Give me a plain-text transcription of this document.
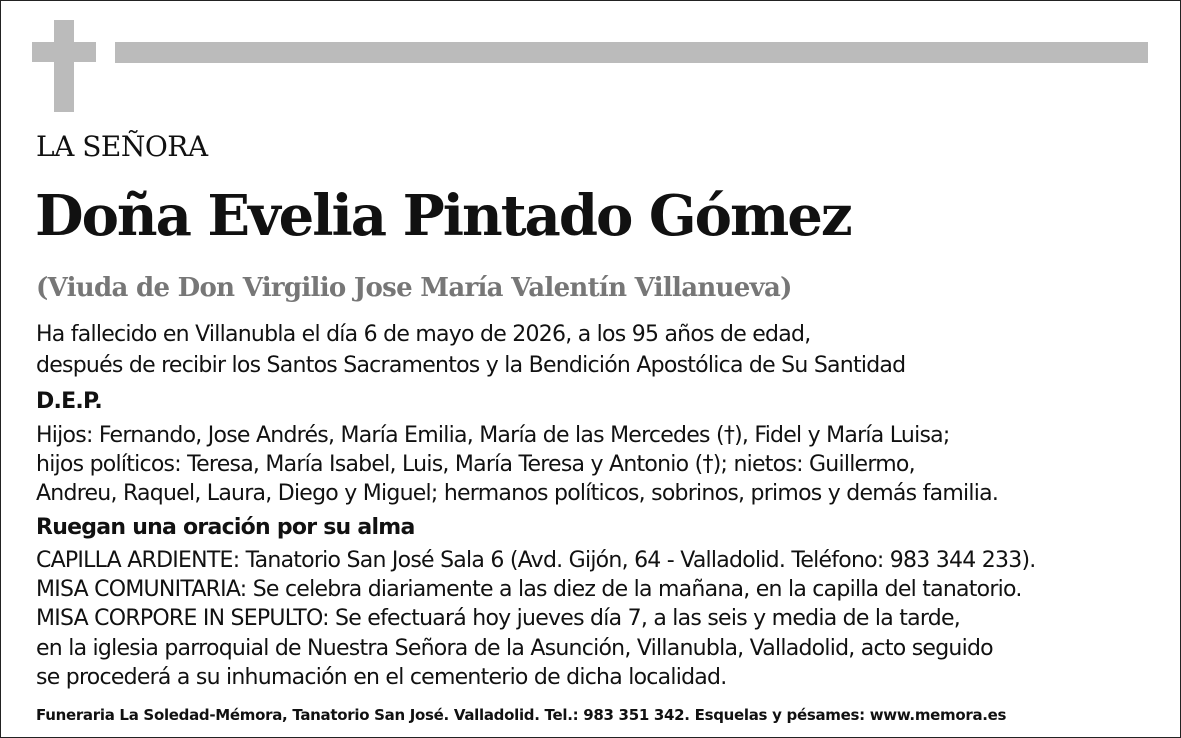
LA SEÑORA
Doña Evelia Pintado Gómez
(Viuda de Don Virgilio Jose María Valentín Villanueva)
Ha fallecido en Villanubla el día 6 de mayo de 2026, a los 95 años de edad,
después de recibir los Santos Sacramentos y la Bendición Apostólica de Su Santidad
D.E.P.
Hijos: Fernando, Jose Andrés, María Emilia, María de las Mercedes (†), Fidel y María Luisa;
hijos políticos: Teresa, María Isabel, Luis, María Teresa y Antonio (†); nietos: Guillermo,
Andreu, Raquel, Laura, Diego y Miguel; hermanos políticos, sobrinos, primos y demás familia.
Ruegan una oración por su alma
CAPILLA ARDIENTE: Tanatorio San José Sala 6 (Avd. Gijón, 64 - Valladolid. Teléfono: 983 344 233).
MISA COMUNITARIA: Se celebra diariamente a las diez de la mañana, en la capilla del tanatorio.
MISA CORPORE IN SEPULTO: Se efectuará hoy jueves día 7, a las seis y media de la tarde,
en la iglesia parroquial de Nuestra Señora de la Asunción, Villanubla, Valladolid, acto seguido
se procederá a su inhumación en el cementerio de dicha localidad.
Funeraria La Soledad-Mémora, Tanatorio San José. Valladolid. Tel.: 983 351 342. Esquelas y pésames: www.memora.es
